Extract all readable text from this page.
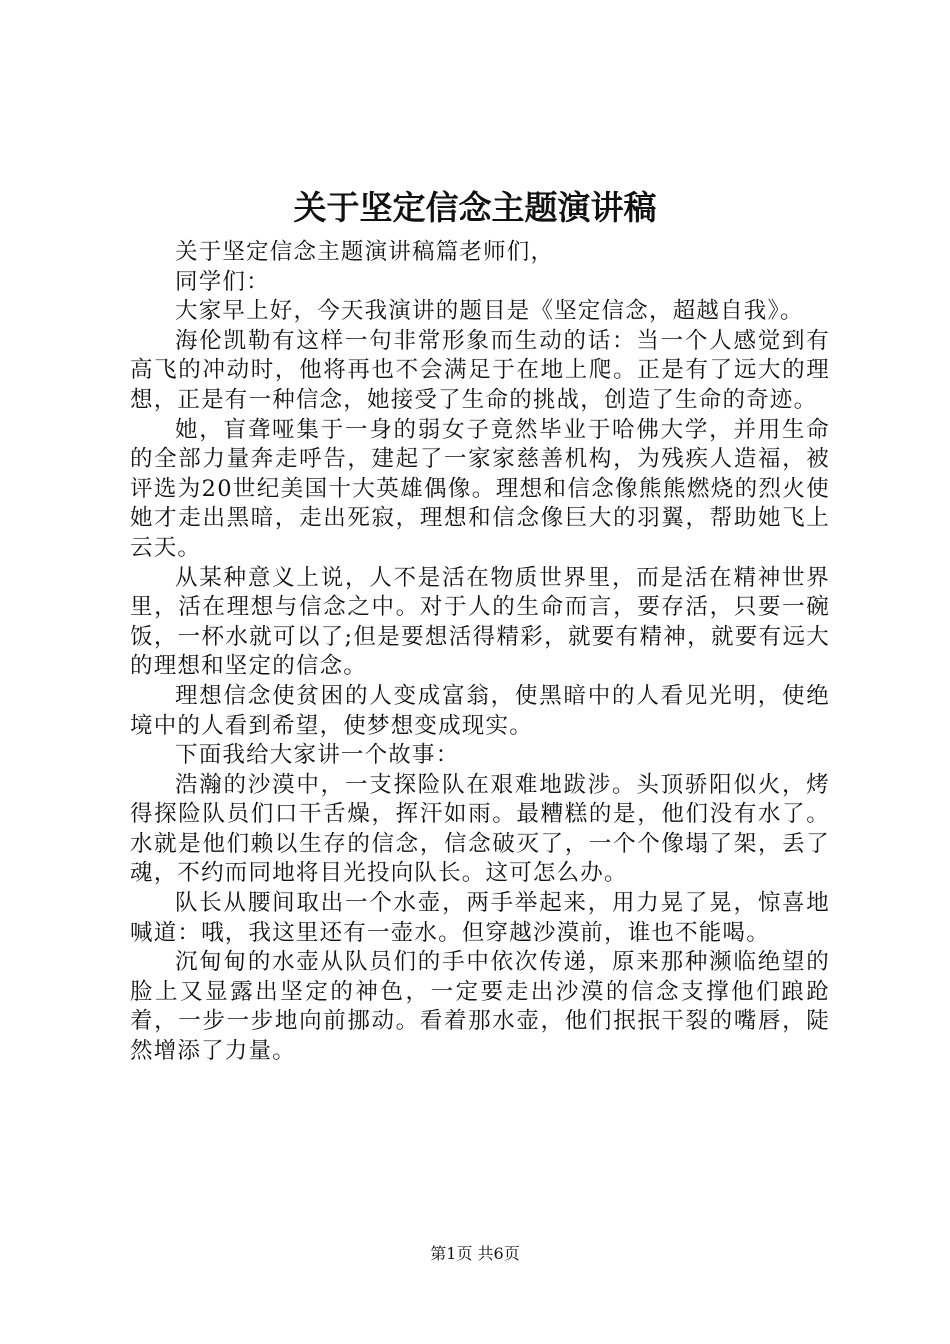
关于坚定信念主题演讲稿

关于坚定信念主题演讲稿篇老师们，

同学们：

大家早上好，今天我演讲的题目是《坚定信念，超越自我》。

海伦凯勒有这样一句非常形象而生动的话：当一个人感觉到有高飞的冲动时，他将再也不会满足于在地上爬。正是有了远大的理想，正是有一种信念，她接受了生命的挑战，创造了生命的奇迹。

她，盲聋哑集于一身的弱女子竟然毕业于哈佛大学，并用生命的全部力量奔走呼告，建起了一家家慈善机构，为残疾人造福，被评选为20世纪美国十大英雄偶像。理想和信念像熊熊燃烧的烈火使她才走出黑暗，走出死寂，理想和信念像巨大的羽翼，帮助她飞上云天。

从某种意义上说，人不是活在物质世界里，而是活在精神世界里，活在理想与信念之中。对于人的生命而言，要存活，只要一碗饭，一杯水就可以了;但是要想活得精彩，就要有精神，就要有远大的理想和坚定的信念。

理想信念使贫困的人变成富翁，使黑暗中的人看见光明，使绝境中的人看到希望，使梦想变成现实。

下面我给大家讲一个故事：

浩瀚的沙漠中，一支探险队在艰难地跋涉。头顶骄阳似火，烤得探险队员们口干舌燥，挥汗如雨。最糟糕的是，他们没有水了。水就是他们赖以生存的信念，信念破灭了，一个个像塌了架，丢了魂，不约而同地将目光投向队长。这可怎么办。

队长从腰间取出一个水壶，两手举起来，用力晃了晃，惊喜地喊道：哦，我这里还有一壶水。但穿越沙漠前，谁也不能喝。

沉甸甸的水壶从队员们的手中依次传递，原来那种濒临绝望的脸上又显露出坚定的神色，一定要走出沙漠的信念支撑他们踉跄着，一步一步地向前挪动。看着那水壶，他们抿抿干裂的嘴唇，陡然增添了力量。

第1页 共6页
